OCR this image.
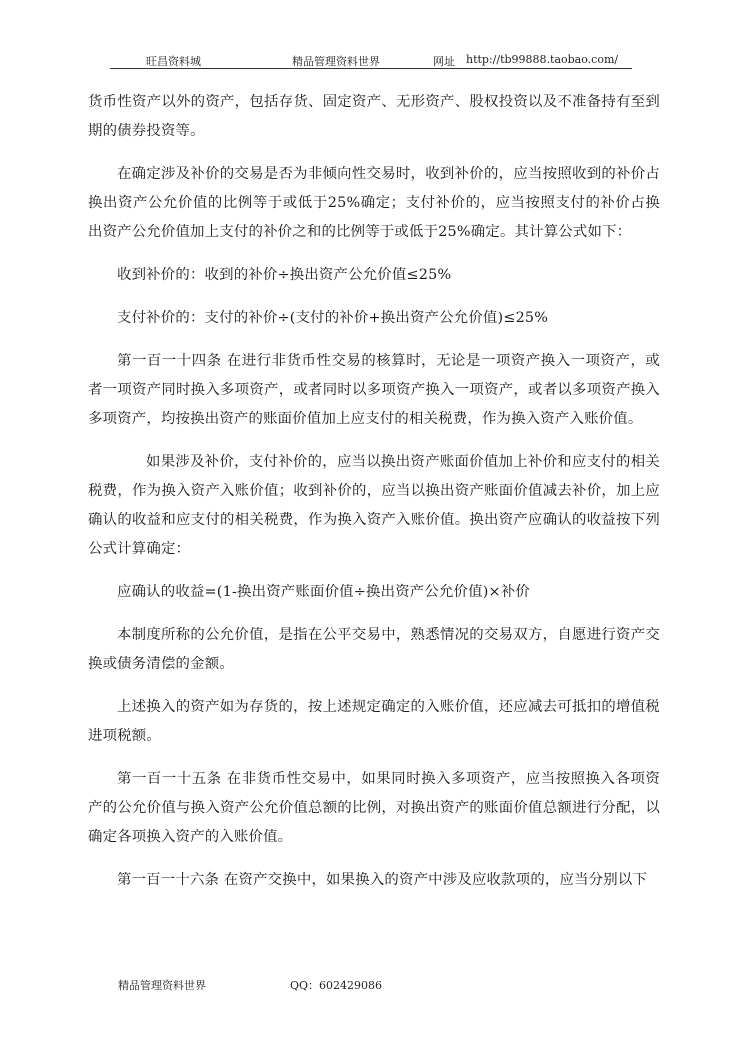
旺昌资料城	精品管理资料世界	网址 http://tb99888.taobao.com/

货币性资产以外的资产，包括存货、固定资产、无形资产、股权投资以及不准备持有至到期的债券投资等。

在确定涉及补价的交易是否为非倾向性交易时，收到补价的，应当按照收到的补价占换出资产公允价值的比例等于或低于25%确定；支付补价的，应当按照支付的补价占换出资产公允价值加上支付的补价之和的比例等于或低于25%确定。其计算公式如下：

收到补价的：收到的补价÷换出资产公允价值≤25%

支付补价的：支付的补价÷(支付的补价+换出资产公允价值)≤25%

第一百一十四条 在进行非货币性交易的核算时，无论是一项资产换入一项资产，或者一项资产同时换入多项资产，或者同时以多项资产换入一项资产，或者以多项资产换入多项资产，均按换出资产的账面价值加上应支付的相关税费，作为换入资产入账价值。

如果涉及补价，支付补价的，应当以换出资产账面价值加上补价和应支付的相关税费，作为换入资产入账价值；收到补价的，应当以换出资产账面价值减去补价，加上应确认的收益和应支付的相关税费，作为换入资产入账价值。换出资产应确认的收益按下列公式计算确定：

应确认的收益=(1-换出资产账面价值÷换出资产公允价值)×补价

本制度所称的公允价值，是指在公平交易中，熟悉情况的交易双方，自愿进行资产交换或债务清偿的金额。

上述换入的资产如为存货的，按上述规定确定的入账价值，还应减去可抵扣的增值税进项税额。

第一百一十五条 在非货币性交易中，如果同时换入多项资产，应当按照换入各项资产的公允价值与换入资产公允价值总额的比例，对换出资产的账面价值总额进行分配，以确定各项换入资产的入账价值。

第一百一十六条 在资产交换中，如果换入的资产中涉及应收款项的，应当分别以下

精品管理资料世界	QQ：602429086
